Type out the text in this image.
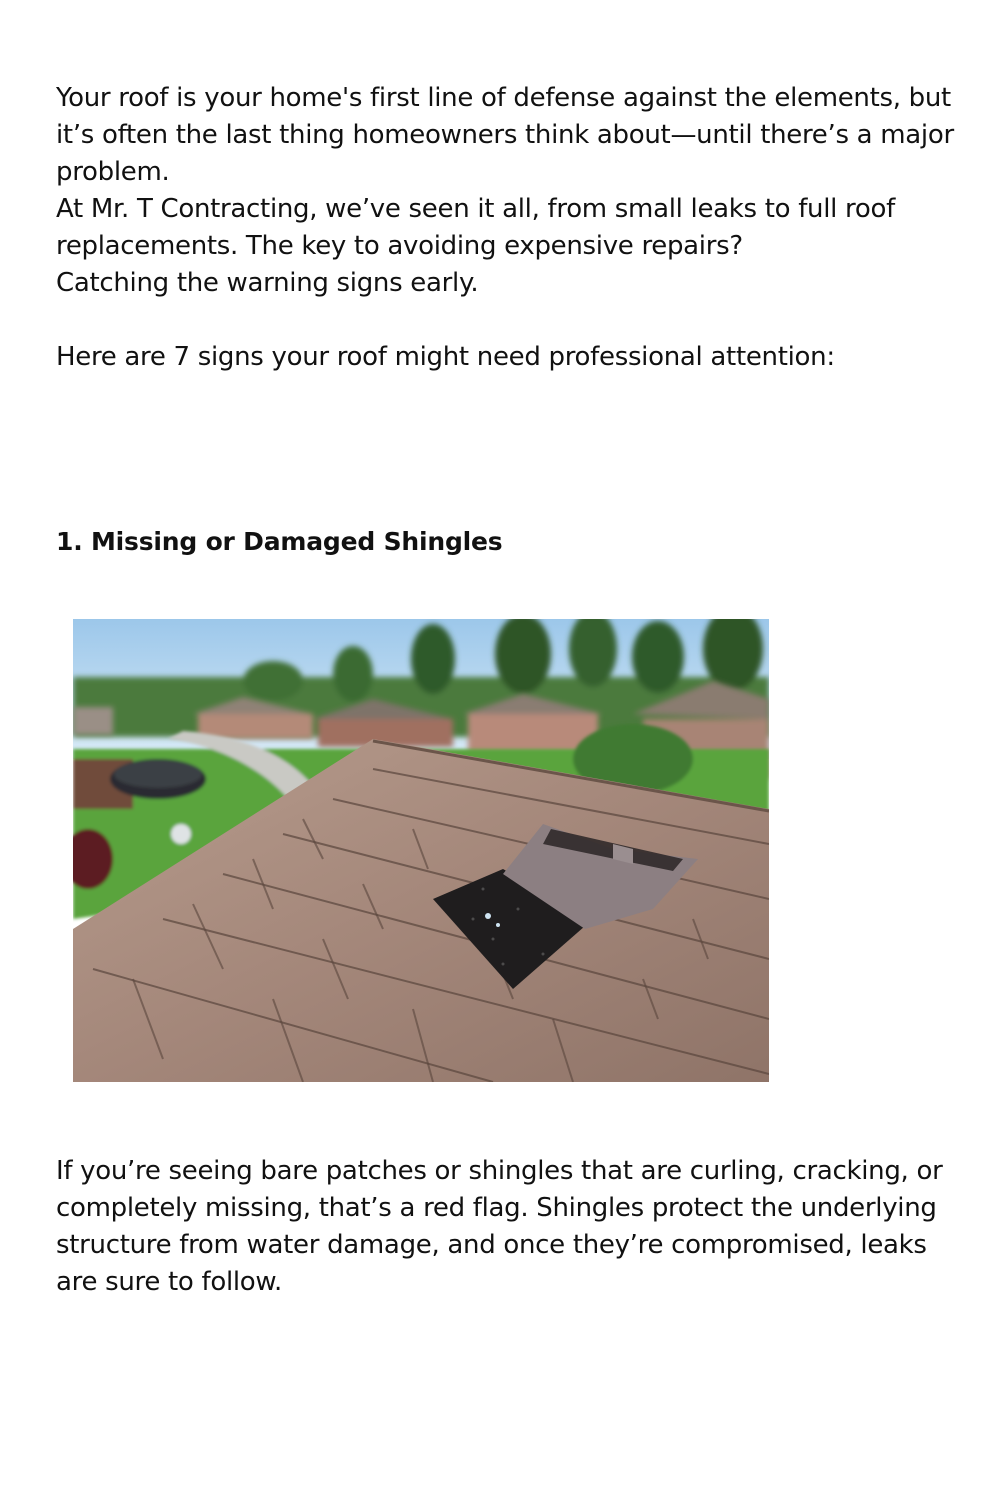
Your roof is your home's first line of defense against the elements, but it’s often the last thing homeowners think about—until there’s a major problem.

At Mr. T Contracting, we’ve seen it all, from small leaks to full roof replacements. The key to avoiding expensive repairs?

Catching the warning signs early.

Here are 7 signs your roof might need professional attention:

1. Missing or Damaged Shingles

If you’re seeing bare patches or shingles that are curling, cracking, or completely missing, that’s a red flag. Shingles protect the underlying structure from water damage, and once they’re compromised, leaks are sure to follow.
